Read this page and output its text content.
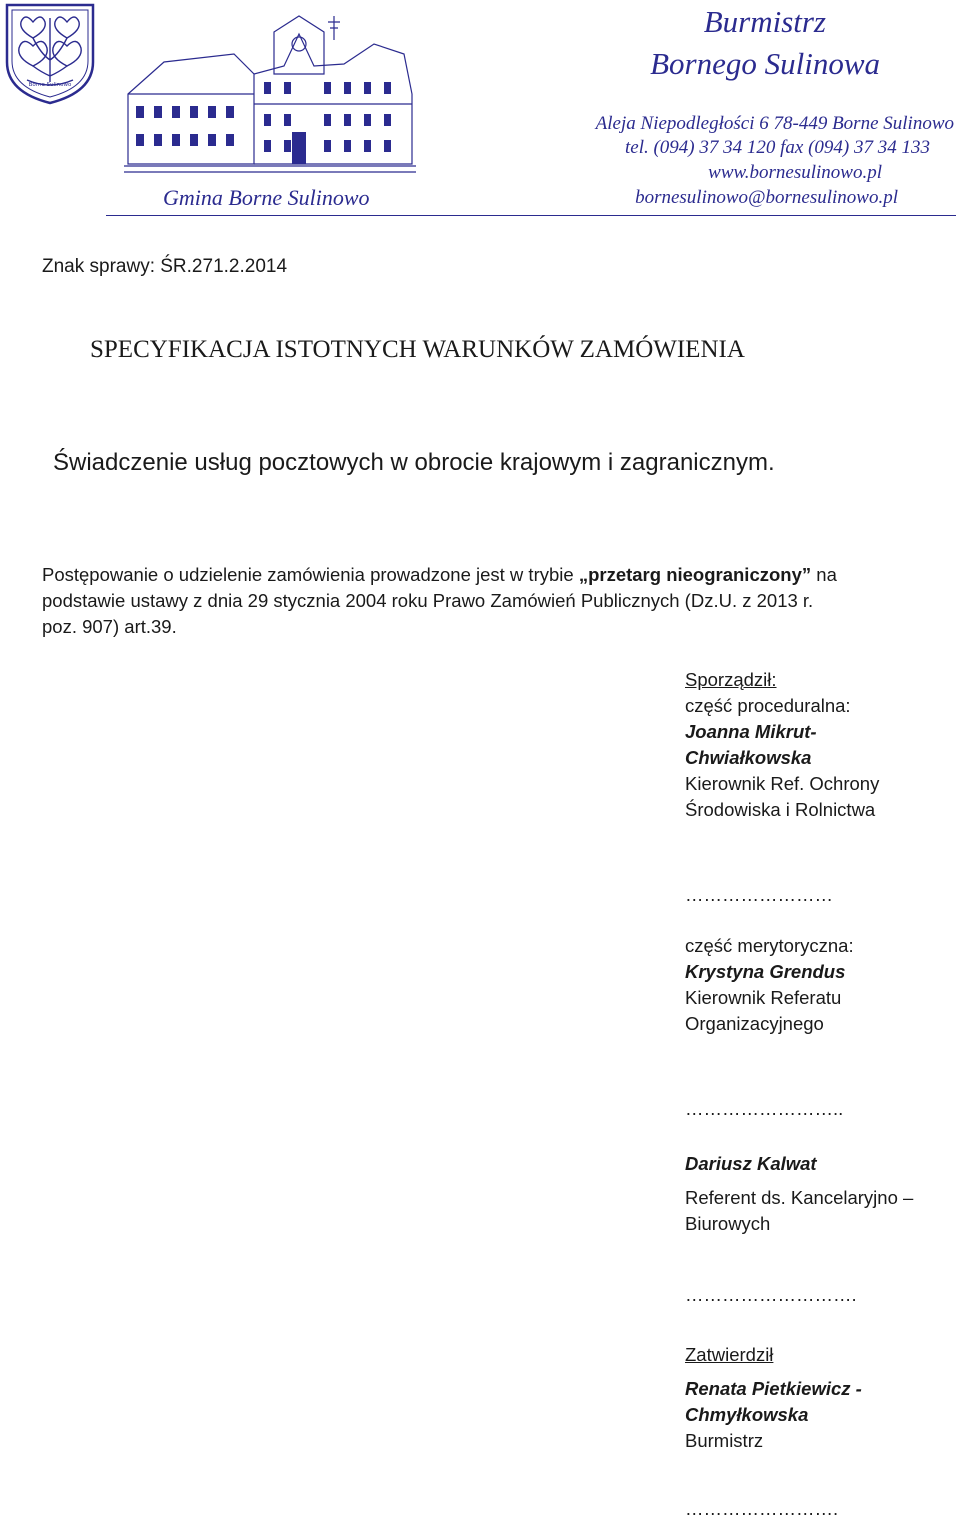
Borne Sulinowo
Burmistrz
Bornego Sulinowa
Aleja Niepodległości 6 78-449 Borne Sulinowo
tel. (094) 37 34 120 fax (094) 37 34 133
www.bornesulinowo.pl
bornesulinowo@bornesulinowo.pl
Gmina Borne Sulinowo
Znak sprawy: ŚR.271.2.2014
SPECYFIKACJA ISTOTNYCH WARUNKÓW ZAMÓWIENIA
Świadczenie usług pocztowych w obrocie krajowym i zagranicznym.
Postępowanie o udzielenie zamówienia prowadzone jest w trybie „przetarg nieograniczony” na
podstawie ustawy z dnia 29 stycznia 2004 roku Prawo Zamówień Publicznych (Dz.U. z 2013 r.
poz. 907) art.39.
Sporządził:
część proceduralna:
Joanna Mikrut-
Chwiałkowska
Kierownik Ref. Ochrony
Środowiska i Rolnictwa
……………………
część merytoryczna:
Krystyna Grendus
Kierownik Referatu
Organizacyjnego
……………………..
Dariusz Kalwat
Referent ds. Kancelaryjno –
Biurowych
……………………….
Zatwierdził
Renata Pietkiewicz -
Chmyłkowska
Burmistrz
…………………….
